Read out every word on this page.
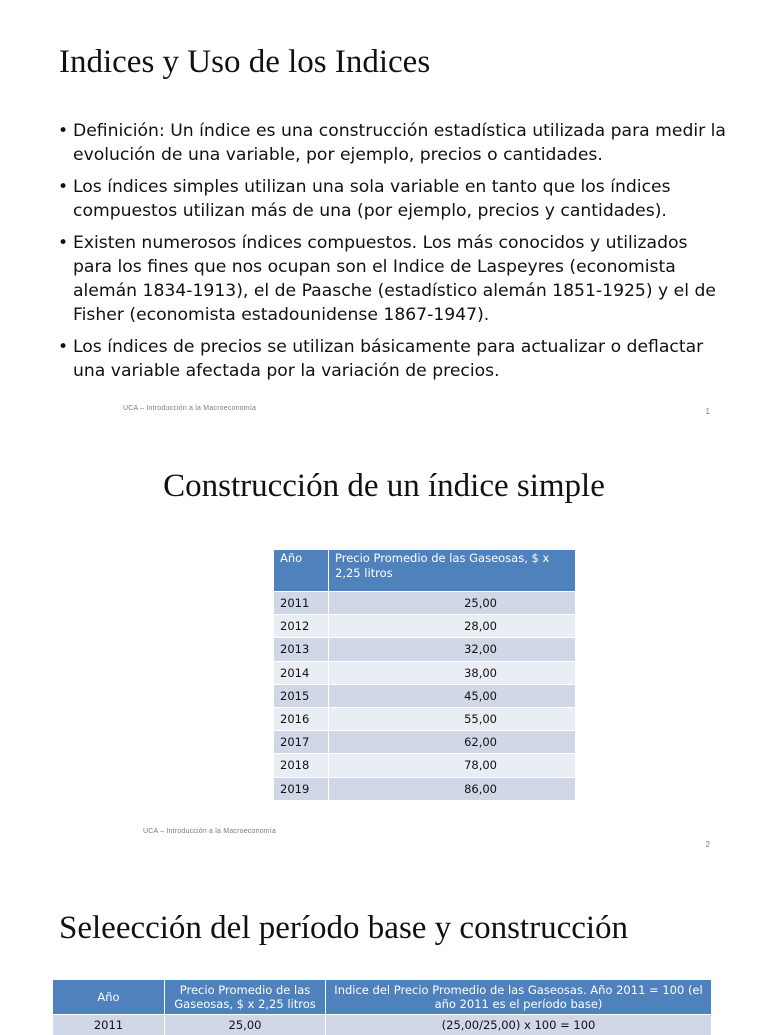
Indices y Uso de los Indices
• Definición: Un índice es una construcción estadística utilizada para medir la evolución de una variable, por ejemplo, precios o cantidades.
• Los índices simples utilizan una sola variable en tanto que los índices compuestos utilizan más de una (por ejemplo, precios y cantidades).
• Existen numerosos índices compuestos. Los más conocidos y utilizados para los fines que nos ocupan son el Indice de Laspeyres (economista alemán 1834-1913), el de Paasche (estadístico alemán 1851-1925) y el de Fisher (economista estadounidense 1867-1947).
• Los índices de precios se utilizan básicamente para actualizar o deflactar una variable afectada por la variación de precios.
UCA – Introducción a la Macroeconomía	1
Construcción de un índice simple
Año	Precio Promedio de las Gaseosas, $ x 2,25 litros
2011	25,00
2012	28,00
2013	32,00
2014	38,00
2015	45,00
2016	55,00
2017	62,00
2018	78,00
2019	86,00
UCA – Introducción a la Macroeconomía
2
Seleección del período base y construcción
Año	Precio Promedio de las Gaseosas, $ x 2,25 litros	Indice del Precio Promedio de las Gaseosas. Año 2011 = 100 (el año 2011 es el período base)
2011	25,00	(25,00/25,00) x 100 = 100
